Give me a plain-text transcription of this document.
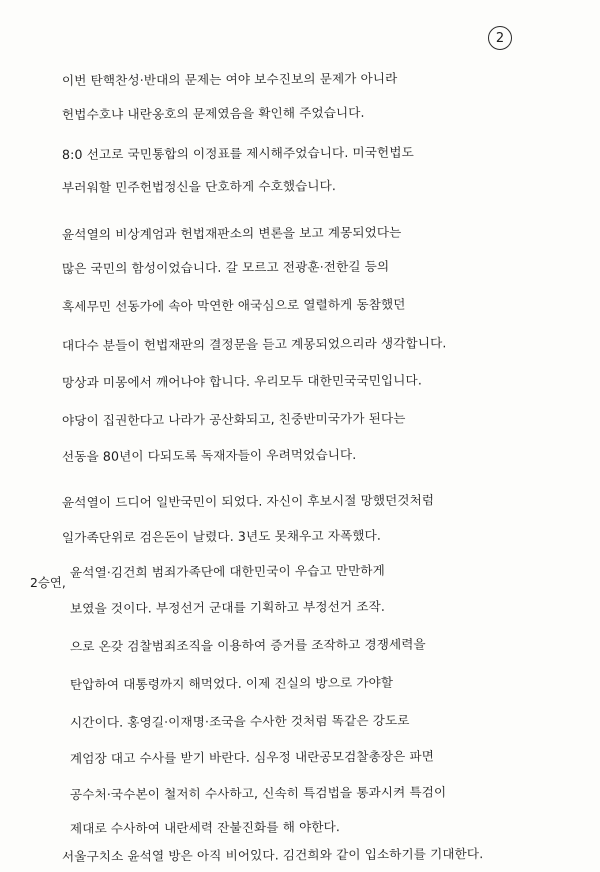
2
2승연,
이번 탄핵찬성·반대의 문제는 여야 보수진보의 문제가 아니라
헌법수호냐 내란옹호의 문제였음을 확인해 주었습니다.
8:0 선고로 국민통합의 이정표를 제시해주었습니다. 미국헌법도
부러워할 민주헌법정신을 단호하게 수호했습니다.
윤석열의 비상계엄과 헌법재판소의 변론을 보고 계몽되었다는
많은 국민의 함성이었습니다. 갈 모르고 전광훈·전한길 등의
혹세무민 선동가에 속아 막연한 애국심으로 열렬하게 동참했던
대다수 분들이 헌법재판의 결정문을 듣고 계몽되었으리라 생각합니다.
망상과 미몽에서 깨어나야 합니다. 우리모두 대한민국국민입니다.
야당이 집권한다고 나라가 공산화되고, 친중반미국가가 된다는
선동을 80년이 다되도록 독재자들이 우려먹었습니다.
윤석열이 드디어 일반국민이 되었다. 자신이 후보시절 망했던것처럼
일가족단위로 검은돈이 날렸다. 3년도 못채우고 자폭했다.
윤석열·김건희 범죄가족단에 대한민국이 우습고 만만하게
보였을 것이다. 부정선거 군대를 기획하고 부정선거 조작.
으로 온갖 검찰범죄조직을 이용하여 증거를 조작하고 경쟁세력을
탄압하여 대통령까지 해먹었다. 이제 진실의 방으로 가야할
시간이다. 홍영길·이재명·조국을 수사한 것처럼 똑같은 강도로
계엄장 대고 수사를 받기 바란다. 심우정 내란공모검찰총장은 파면
공수처·국수본이 철저히 수사하고, 신속히 특검법을 통과시켜 특검이
제대로 수사하여 내란세력 잔불진화를 해 야한다.
서울구치소 윤석열 방은 아직 비어있다. 김건희와 같이 입소하기를 기대한다.
